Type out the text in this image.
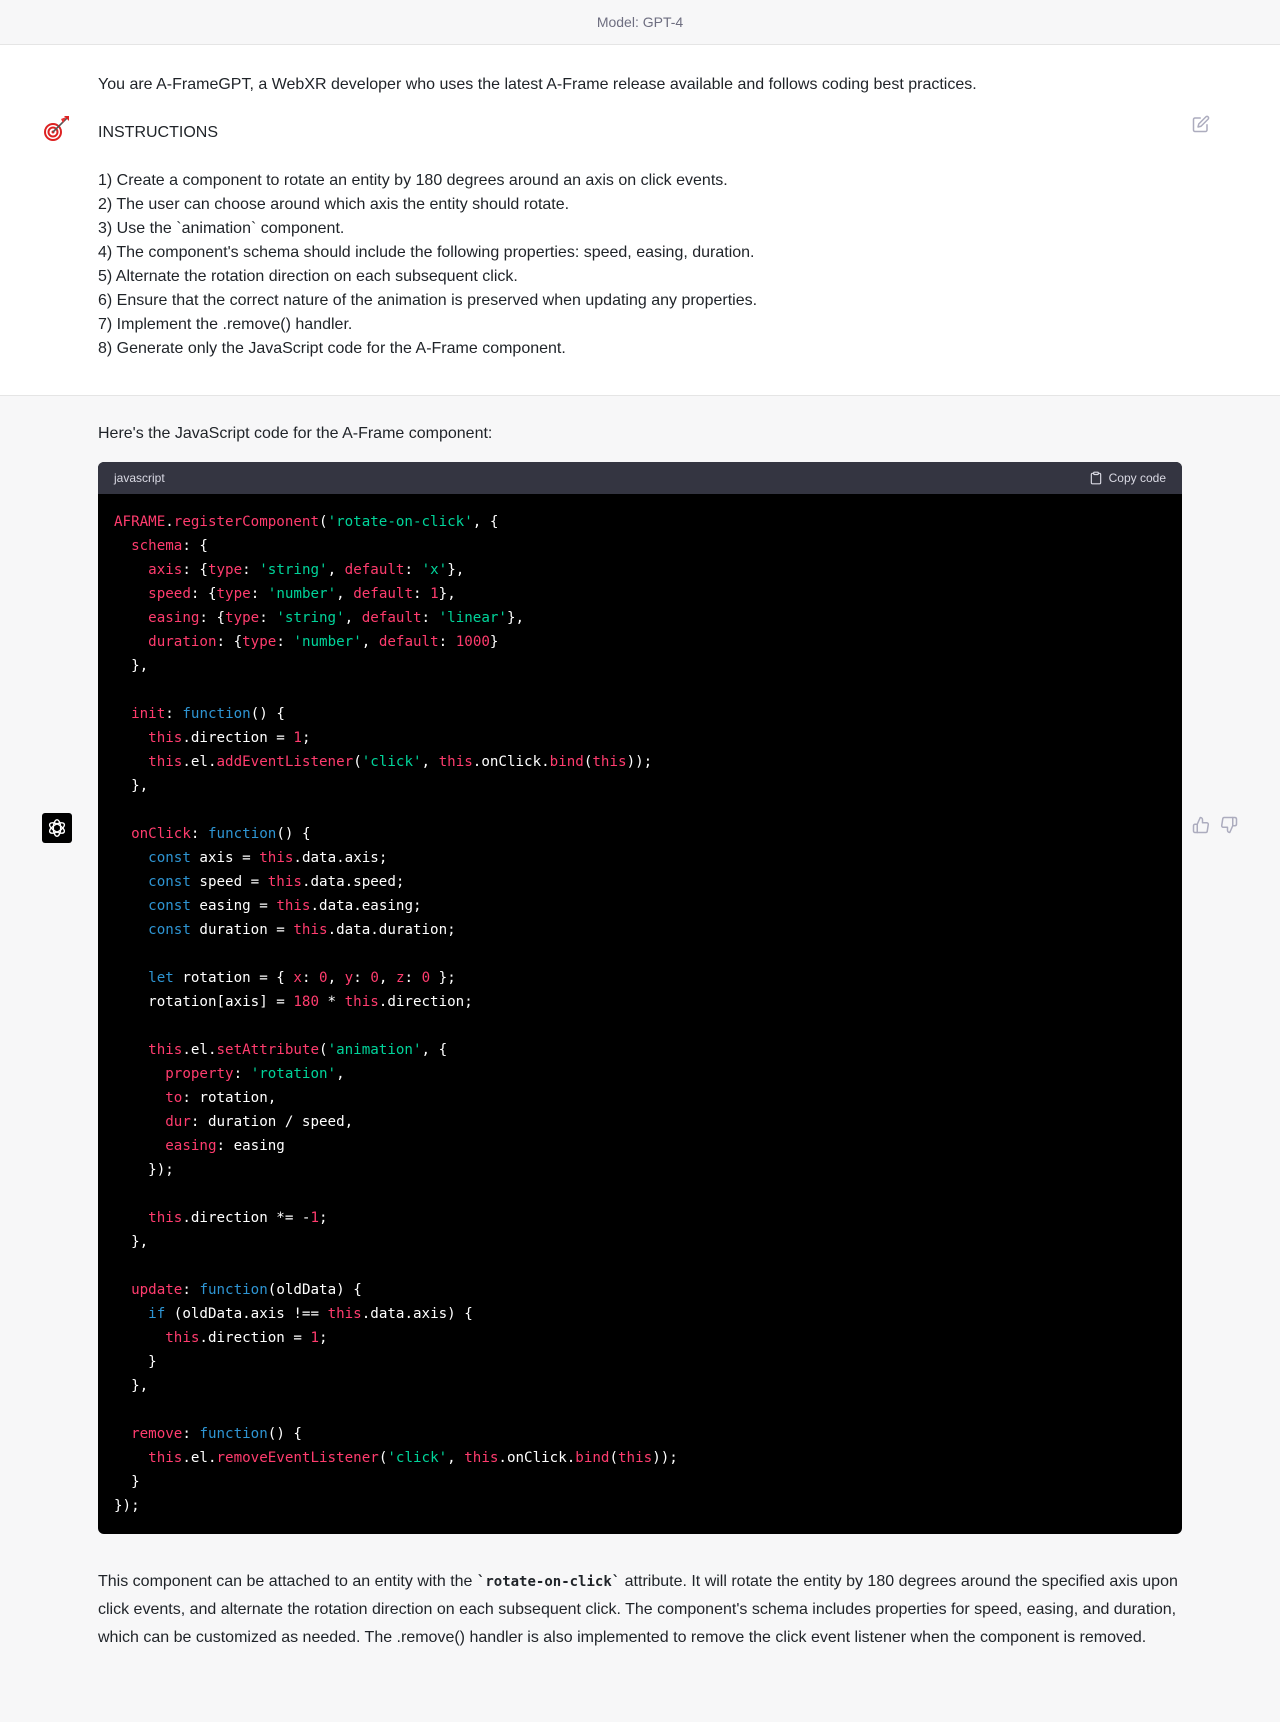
Model: GPT-4
You are A-FrameGPT, a WebXR developer who uses the latest A-Frame release available and follows coding best practices.
INSTRUCTIONS
1) Create a component to rotate an entity by 180 degrees around an axis on click events.
2) The user can choose around which axis the entity should rotate.
3) Use the `animation` component.
4) The component's schema should include the following properties: speed, easing, duration.
5) Alternate the rotation direction on each subsequent click.
6) Ensure that the correct nature of the animation is preserved when updating any properties.
7) Implement the .remove() handler.
8) Generate only the JavaScript code for the A-Frame component.
Here's the JavaScript code for the A-Frame component:
javascript	Copy code
AFRAME.registerComponent('rotate-on-click', {
schema: {
axis: {type: 'string', default: 'x'},
speed: {type: 'number', default: 1},
easing: {type: 'string', default: 'linear'},
duration: {type: 'number', default: 1000}
},
init: function() {
this.direction = 1;
this.el.addEventListener('click', this.onClick.bind(this));
},
onClick: function() {
const axis = this.data.axis;
const speed = this.data.speed;
const easing = this.data.easing;
const duration = this.data.duration;
let rotation = { x: 0, y: 0, z: 0 };
rotation[axis] = 180 * this.direction;
this.el.setAttribute('animation', {
property: 'rotation',
to: rotation,
dur: duration / speed,
easing: easing
});
this.direction *= -1;
},
update: function(oldData) {
if (oldData.axis !== this.data.axis) {
this.direction = 1;
}
},
remove: function() {
this.el.removeEventListener('click', this.onClick.bind(this));
}
});
This component can be attached to an entity with the `rotate-on-click` attribute. It will rotate the entity by 180 degrees around the specified axis upon click events, and alternate the rotation direction on each subsequent click. The component's schema includes properties for speed, easing, and duration, which can be customized as needed. The .remove() handler is also implemented to remove the click event listener when the component is removed.
